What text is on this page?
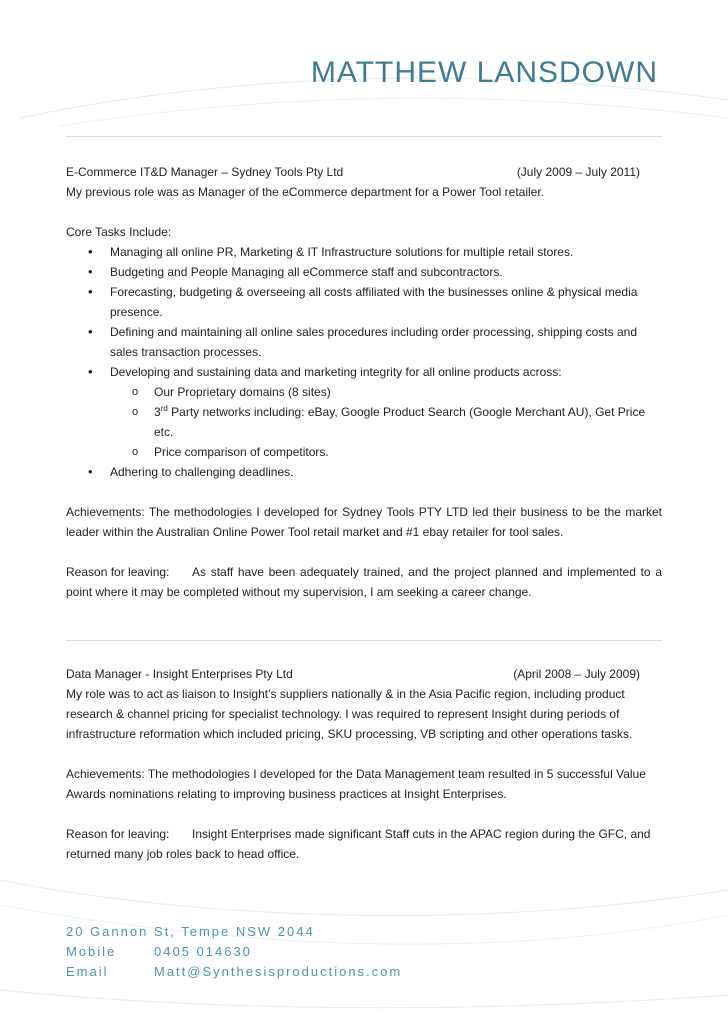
MATTHEW LANSDOWN
E-Commerce IT&D Manager – Sydney Tools Pty Ltd	(July 2009 – July 2011)

My previous role was as Manager of the eCommerce department for a Power Tool retailer.

Core Tasks Include:

• Managing all online PR, Marketing & IT Infrastructure solutions for multiple retail stores.
• Budgeting and People Managing all eCommerce staff and subcontractors.
• Forecasting, budgeting & overseeing all costs affiliated with the businesses online & physical media presence.
• Defining and maintaining all online sales procedures including order processing, shipping costs and sales transaction processes.
• Developing and sustaining data and marketing integrity for all online products across:
o Our Proprietary domains (8 sites)
o 3rd Party networks including: eBay, Google Product Search (Google Merchant AU), Get Price etc.
o Price comparison of competitors.
• Adhering to challenging deadlines.

Achievements: The methodologies I developed for Sydney Tools PTY LTD led their business to be the market leader within the Australian Online Power Tool retail market and #1 ebay retailer for tool sales.

Reason for leaving: As staff have been adequately trained, and the project planned and implemented to a point where it may be completed without my supervision, I am seeking a career change.

Data Manager - Insight Enterprises Pty Ltd	(April 2008 – July 2009)

My role was to act as liaison to Insight’s suppliers nationally & in the Asia Pacific region, including product research & channel pricing for specialist technology. I was required to represent Insight during periods of infrastructure reformation which included pricing, SKU processing, VB scripting and other operations tasks.

Achievements: The methodologies I developed for the Data Management team resulted in 5 successful Value Awards nominations relating to improving business practices at Insight Enterprises.

Reason for leaving: Insight Enterprises made significant Staff cuts in the APAC region during the GFC, and returned many job roles back to head office.

20 Gannon St, Tempe NSW 2044
Mobile	0405 014630
Email	Matt@Synthesisproductions.com
